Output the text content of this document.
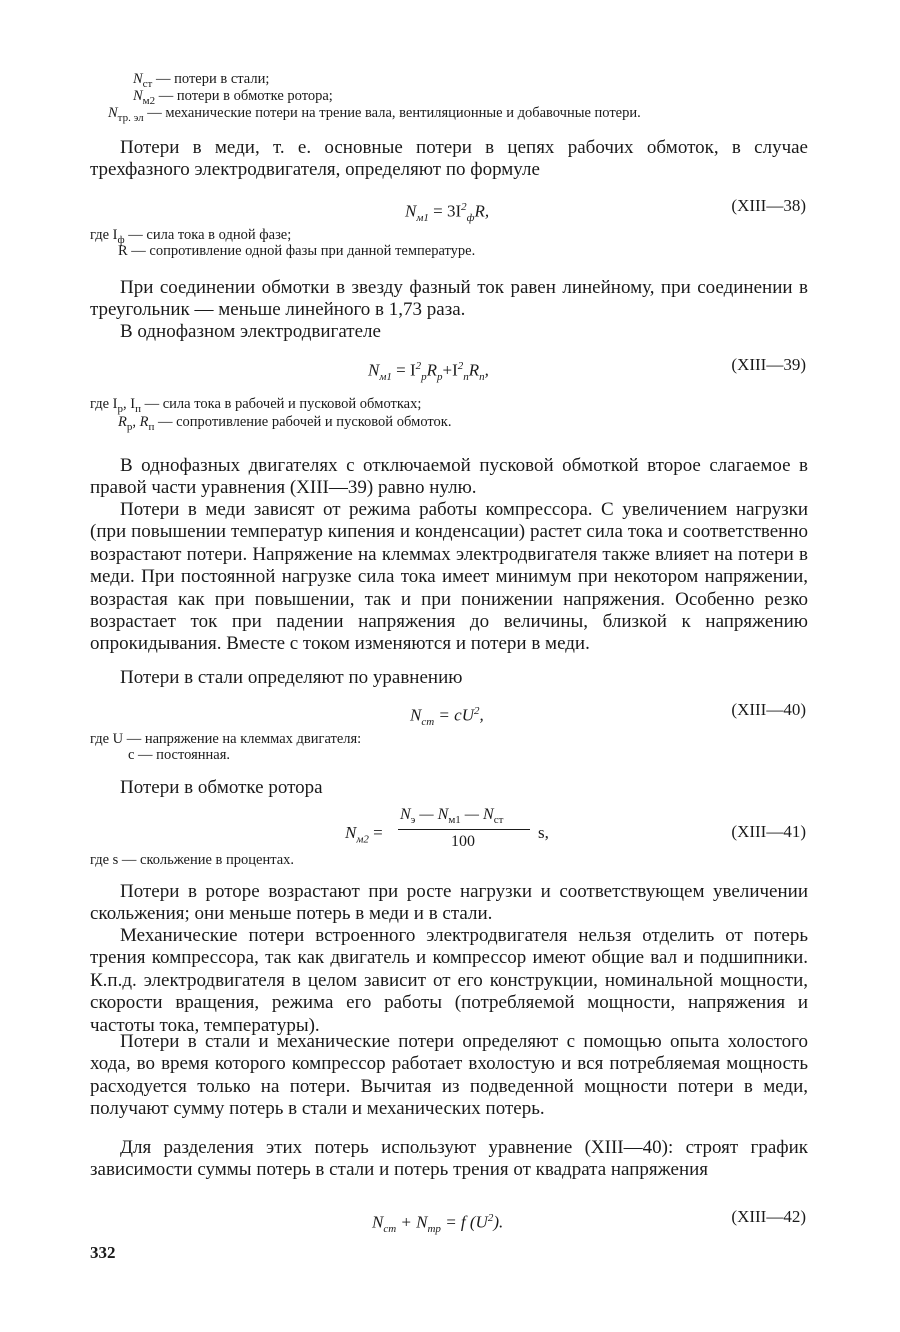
$N_{ст}$ — потери в стали;
$N_{м2}$ — потери в обмотке ротора;
$N_{тр. эл}$ — механические потери на трение вала, вентиляционные и добавочные потери.
Потери в меди, т. е. основные потери в цепях рабочих обмоток, в случае трехфазного электродвигателя, определяют по формуле
$N_{м1} = 3I^2_фR$,	(XIII—38)
где $I_ф$ — сила тока в одной фазе;
R — сопротивление одной фазы при данной температуре.
При соединении обмотки в звезду фазный ток равен линейному, при соединении в треугольник — меньше линейного в 1,73 раза.
В однофазном электродвигателе
$N_{м1} = I^2_рR_р+I^2_пR_п$,	(XIII—39)
где $I_р$, $I_п$ — сила тока в рабочей и пусковой обмотках;
$R_р$, $R_п$ — сопротивление рабочей и пусковой обмоток.
В однофазных двигателях с отключаемой пусковой обмоткой второе слагаемое в правой части уравнения (XIII—39) равно нулю.
Потери в меди зависят от режима работы компрессора. С увеличением нагрузки (при повышении температур кипения и конденсации) растет сила тока и соответственно возрастают потери. Напряжение на клеммах электродвигателя также влияет на потери в меди. При постоянной нагрузке сила тока имеет минимум при некотором напряжении, возрастая как при повышении, так и при понижении напряжения. Особенно резко возрастает ток при падении напряжения до величины, близкой к напряжению опрокидывания. Вместе с током изменяются и потери в меди.
Потери в стали определяют по уравнению
$N_{ст} = cU^2$,	(XIII—40)
где U — напряжение на клеммах двигателя:
c — постоянная.
Потери в обмотке ротора
$N_{м2}$ =
$N_э$ — $N_{м1}$ — $N_{ст}$
100	s,	(XIII—41)
где s — скольжение в процентах.
Потери в роторе возрастают при росте нагрузки и соответствующем увеличении скольжения; они меньше потерь в меди и в стали.
Механические потери встроенного электродвигателя нельзя отделить от потерь трения компрессора, так как двигатель и компрессор имеют общие вал и подшипники. К.п.д. электродвигателя в целом зависит от его конструкции, номинальной мощности, скорости вращения, режима его работы (потребляемой мощности, напряжения и частоты тока, температуры).
Потери в стали и механические потери определяют с помощью опыта холостого хода, во время которого компрессор работает вхолостую и вся потребляемая мощность расходуется только на потери. Вычитая из подведенной мощности потери в меди, получают сумму потерь в стали и механических потерь.
Для разделения этих потерь используют уравнение (XIII—40): строят график зависимости суммы потерь в стали и потерь трения от квадрата напряжения
$N_{ст} + N_{тр} = f$ $(U^2)$.	(XIII—42)
332
